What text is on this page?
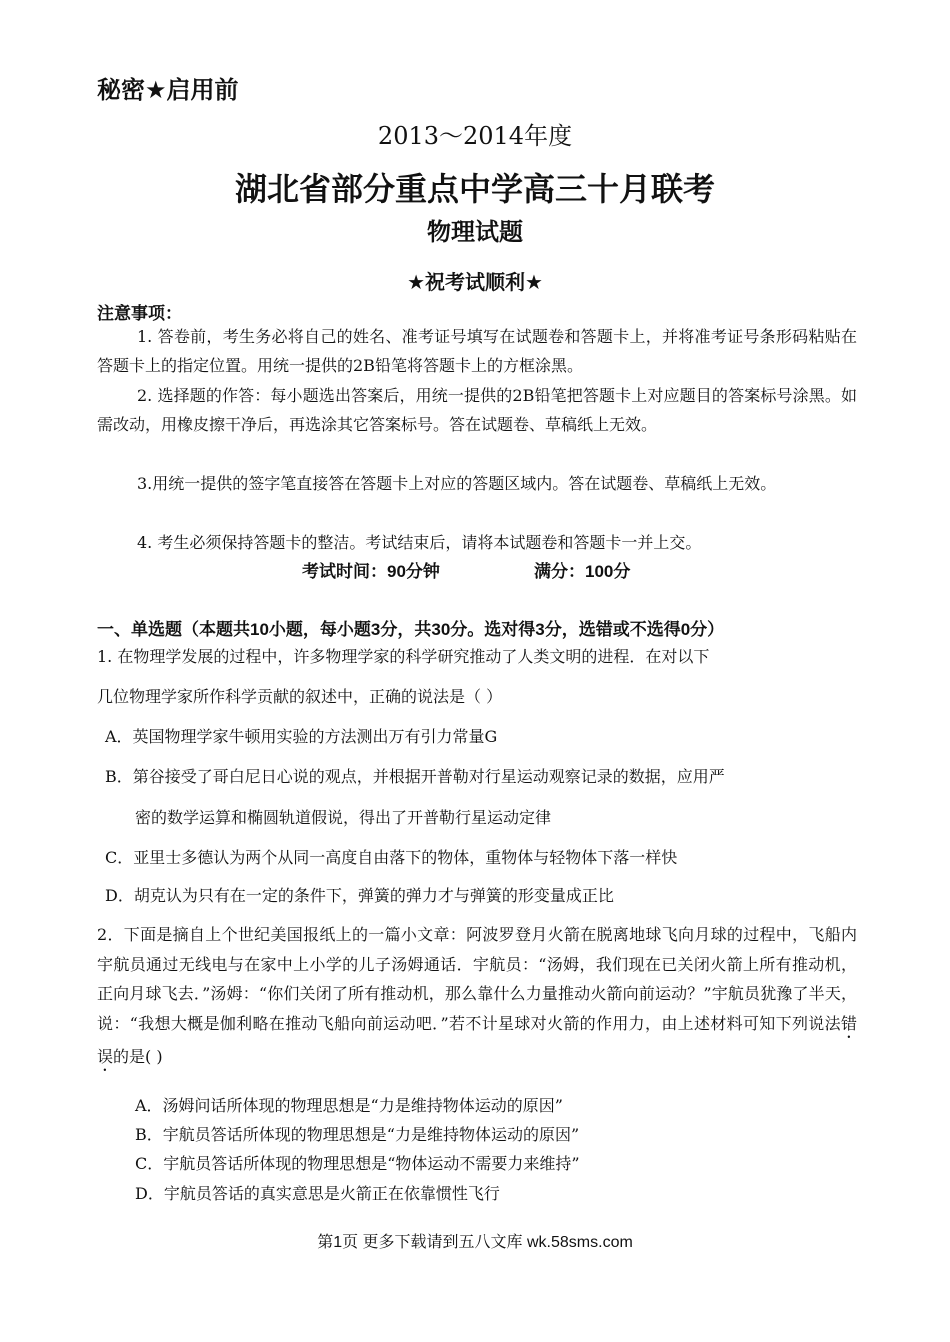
秘密★启用前
2013～2014年度
湖北省部分重点中学高三十月联考
物理试题
★祝考试顺利★
注意事项：
1. 答卷前，考生务必将自己的姓名、准考证号填写在试题卷和答题卡上，并将准考证号条形码粘贴在答题卡上的指定位置。用统一提供的2B铅笔将答题卡上的方框涂黑。
2. 选择题的作答：每小题选出答案后，用统一提供的2B铅笔把答题卡上对应题目的答案标号涂黑。如需改动，用橡皮擦干净后，再选涂其它答案标号。答在试题卷、草稿纸上无效。
3.用统一提供的签字笔直接答在答题卡上对应的答题区域内。答在试题卷、草稿纸上无效。
4. 考生必须保持答题卡的整洁。考试结束后，请将本试题卷和答题卡一并上交。
考试时间：90分钟	满分：100分
一、单选题（本题共10小题，每小题3分，共30分。选对得3分，选错或不选得0分）
1. 在物理学发展的过程中，许多物理学家的科学研究推动了人类文明的进程．在对以下
几位物理学家所作科学贡献的叙述中，正确的说法是（ ）
A．英国物理学家牛顿用实验的方法测出万有引力常量G
B．第谷接受了哥白尼日心说的观点，并根据开普勒对行星运动观察记录的数据，应用严
密的数学运算和椭圆轨道假说，得出了开普勒行星运动定律
C．亚里士多德认为两个从同一高度自由落下的物体，重物体与轻物体下落一样快
D．胡克认为只有在一定的条件下，弹簧的弹力才与弹簧的形变量成正比
2．下面是摘自上个世纪美国报纸上的一篇小文章：阿波罗登月火箭在脱离地球飞向月球的过程中，飞船内宇航员通过无线电与在家中上小学的儿子汤姆通话．宇航员：“汤姆，我们现在已关闭火箭上所有推动机，正向月球飞去．”汤姆：“你们关闭了所有推动机，那么靠什么力量推动火箭向前运动？”宇航员犹豫了半天，说：“我想大概是伽利略在推动飞船向前运动吧．”若不计星球对火箭的作用力，由上述材料可知下列说法错误的是( )
A．汤姆问话所体现的物理思想是“力是维持物体运动的原因”
B．宇航员答话所体现的物理思想是“力是维持物体运动的原因”
C．宇航员答话所体现的物理思想是“物体运动不需要力来维持”
D．宇航员答话的真实意思是火箭正在依靠惯性飞行
第1页 更多下载请到五八文库 wk.58sms.com
